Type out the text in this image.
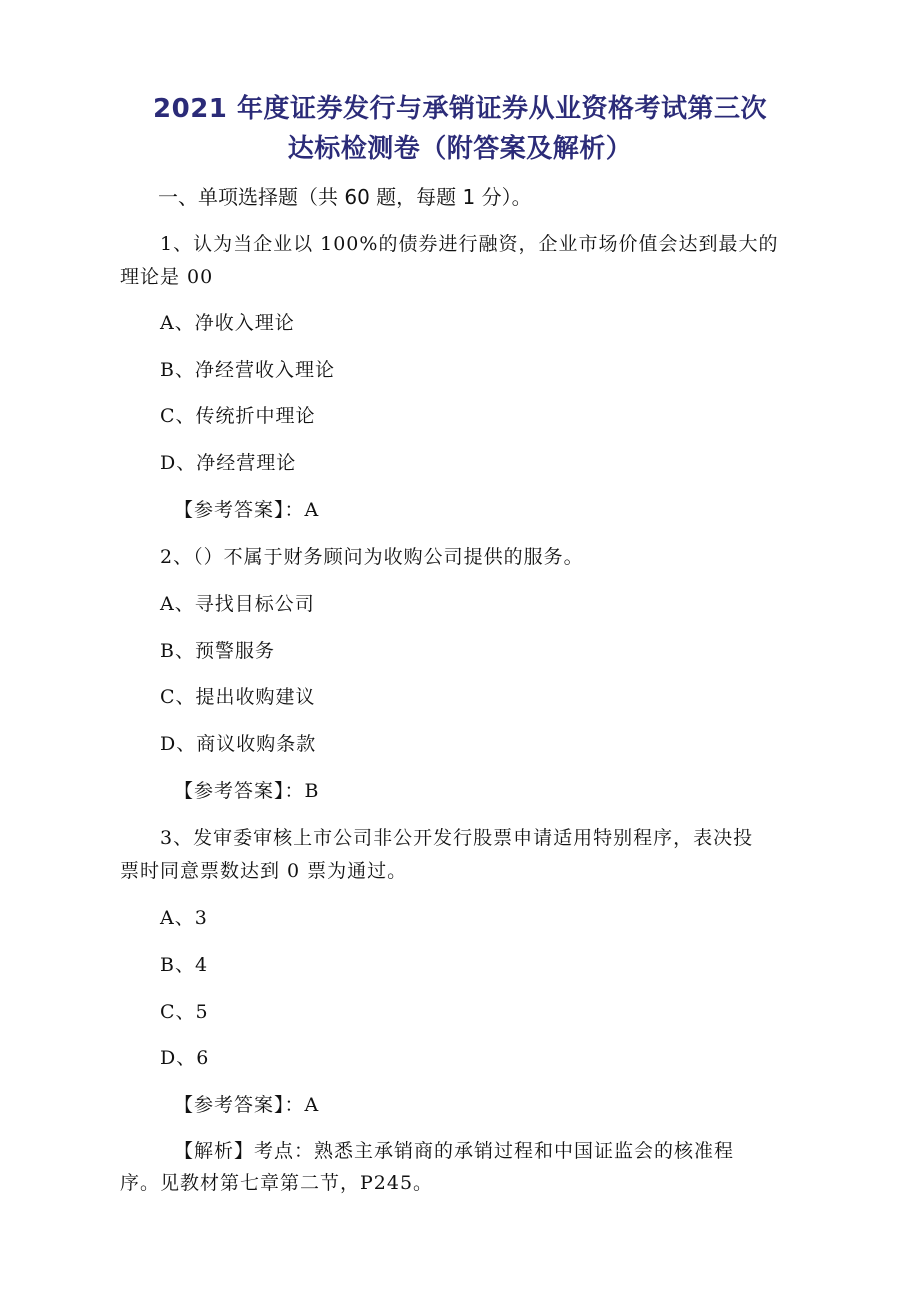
2021 年度证券发行与承销证券从业资格考试第三次
达标检测卷（附答案及解析）
一、单项选择题（共 60 题，每题 1 分）。
1、认为当企业以 100%的债券进行融资，企业市场价值会达到最大的
理论是 00
A、净收入理论
B、净经营收入理论
C、传统折中理论
D、净经营理论
【参考答案】：A
2、（）不属于财务顾问为收购公司提供的服务。
A、寻找目标公司
B、预警服务
C、提出收购建议
D、商议收购条款
【参考答案】：B
3、发审委审核上市公司非公开发行股票申请适用特别程序，表决投
票时同意票数达到 0 票为通过。
A、3
B、4
C、5
D、6
【参考答案】：A
【解析】考点：熟悉主承销商的承销过程和中国证监会的核准程
序。见教材第七章第二节，P245。
